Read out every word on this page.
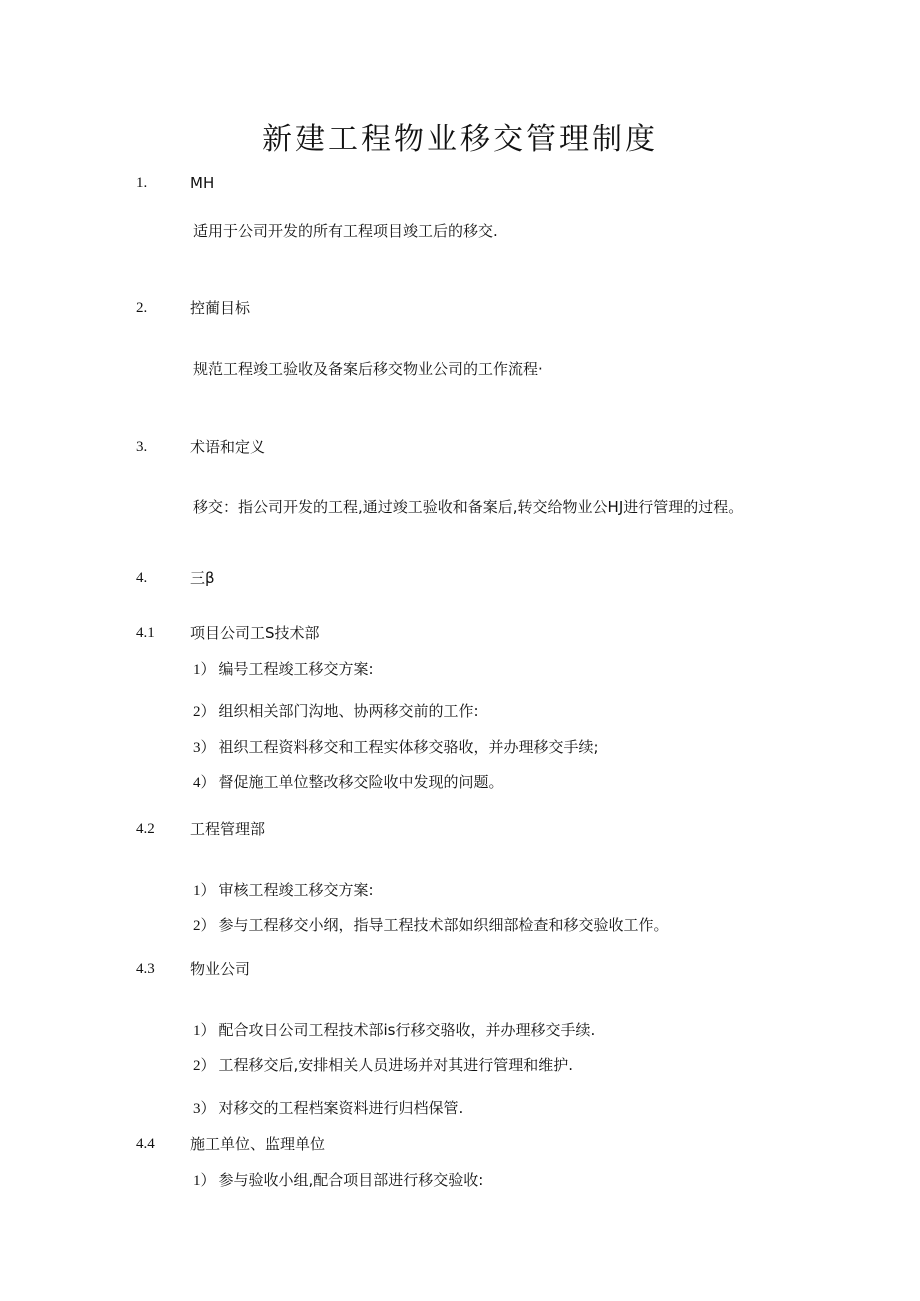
新建工程物业移交管理制度
1.	MH
适用于公司开发的所有工程项目竣工后的移交.
2.	控蔺目标
规范工程竣工验收及备案后移交物业公司的工作流程·
3.	术语和定义
移交：指公司开发的工程,通过竣工验收和备案后,转交给物业公HJ进行管理的过程。
4.	三β
4.1 项目公司工S技术部
1） 编号工程竣工移交方案:
2） 组织相关部门沟地、协两移交前的工作:
3） 祖织工程资料移交和工程实体移交骆收，并办理移交手续;
4） 督促施工单位整改移交险收中发现的问题。
4.2 工程管理部
1） 审核工程竣工移交方案:
2） 参与工程移交小纲，指导工程技术部如织细部检查和移交验收工作。
4.3 物业公司
1） 配合攻日公司工程技术部is行移交骆收，并办理移交手续.
2） 工程移交后,安排相关人员进场并对其进行管理和维护.
3） 对移交的工程档案资料进行归档保管.
4.4 施工单位、监理单位
1） 参与验收小组,配合项目部进行移交验收:
